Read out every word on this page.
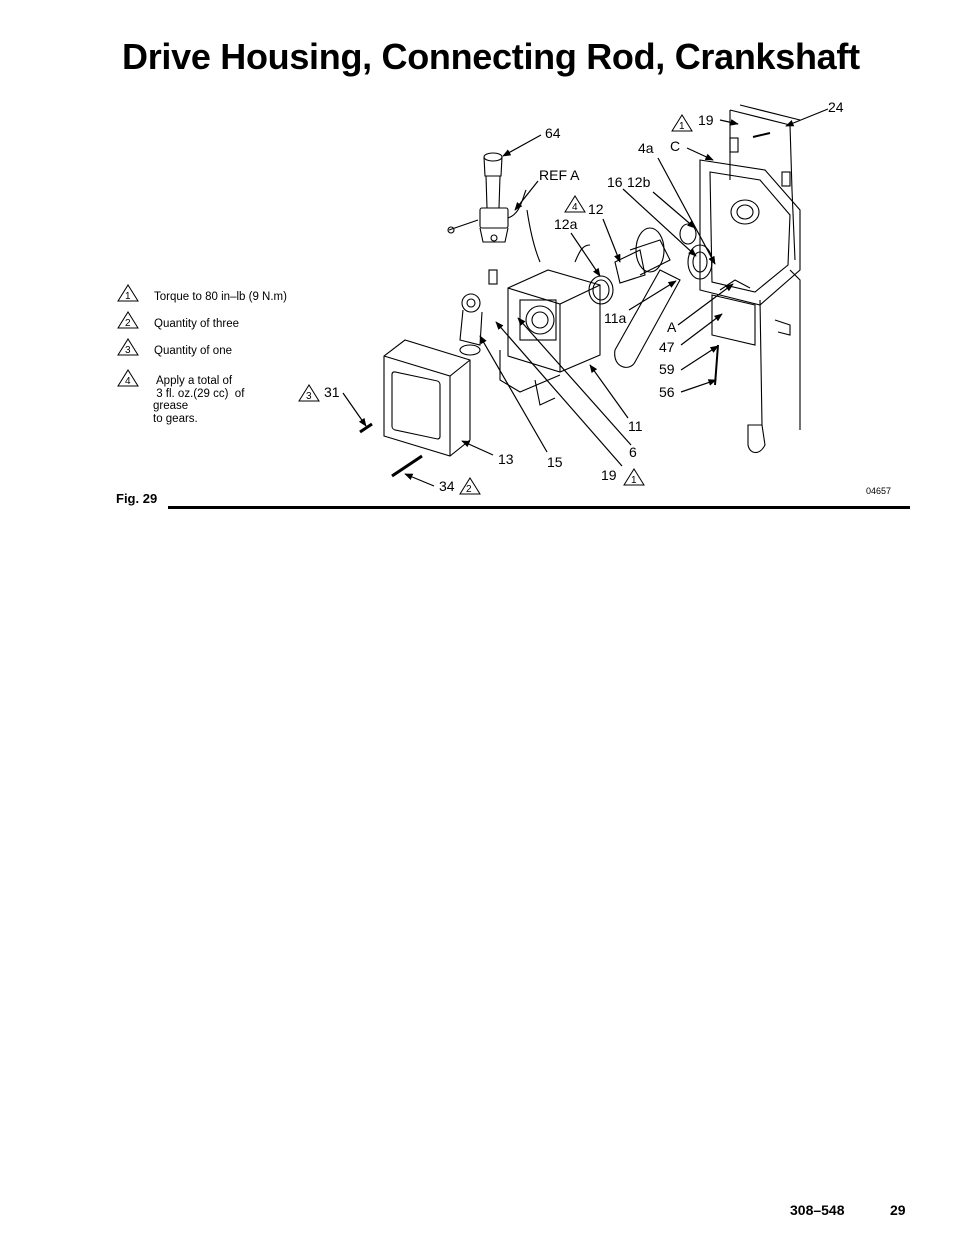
Drive Housing, Connecting Rod, Crankshaft
1 Torque to 80 in–lb (9 N.m)
2 Quantity of three
3 Quantity of one
4 Apply a total of
3 fl. oz.(29 cc)  of
grease
to gears.
64
REF A
4a C
19
24
16 12b
12
12a
11a
A
47
59
56
31
13 15
11
6
19
34
1
4
3
1
2	04657
Fig. 29
308–548	29
